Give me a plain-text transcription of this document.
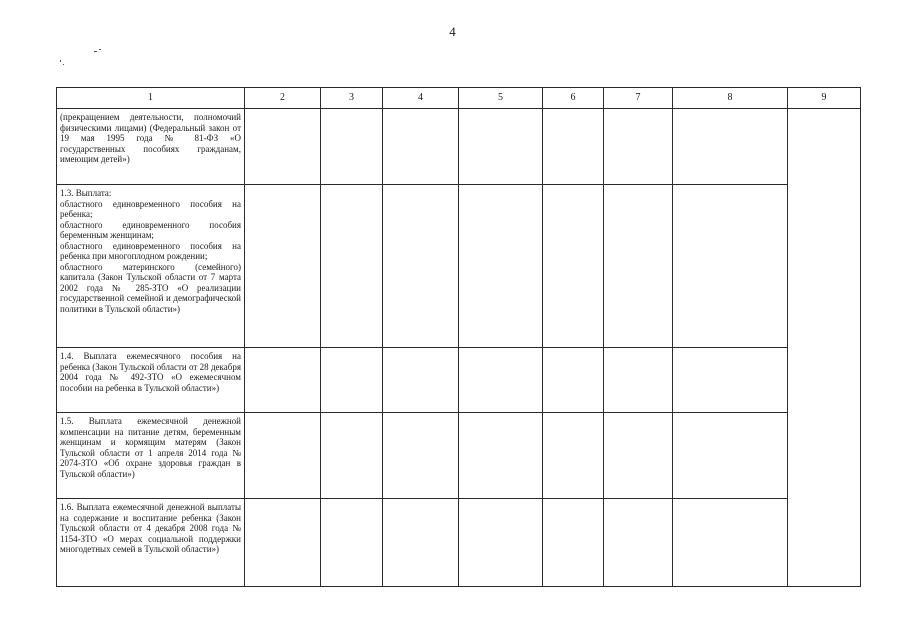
4
1	2	3	4	5	6	7	8	9

(прекращением деятельности, полномочий физическими лицами) (Федеральный закон от 19 мая 1995 года № 81-ФЗ «О государственных пособиях гражданам, имеющим детей»)								

1.3. Выплата:
областного единовременного пособия на ребенка;
областного единовременного пособия беременным женщинам;
областного единовременного пособия на ребенка при многоплодном рождении;
областного материнского (семейного) капитала (Закон Тульской области от 7 марта 2002 года № 285-ЗТО «О реализации государственной семейной и демографической политики в Тульской области»)								

1.4. Выплата ежемесячного пособия на ребенка (Закон Тульской области от 28 декабря 2004 года № 492-ЗТО «О ежемесячном пособии на ребенка в Тульской области»)								

1.5. Выплата ежемесячной денежной компенсации на питание детям, беременным женщинам и кормящим матерям (Закон Тульской области от 1 апреля 2014 года № 2074-ЗТО «Об охране здоровья граждан в Тульской области»)								

1.6. Выплата ежемесячной денежной выплаты на содержание и воспитание ребенка (Закон Тульской области от 4 декабря 2008 года № 1154-ЗТО «О мерах социальной поддержки многодетных семей в Тульской области»)								
